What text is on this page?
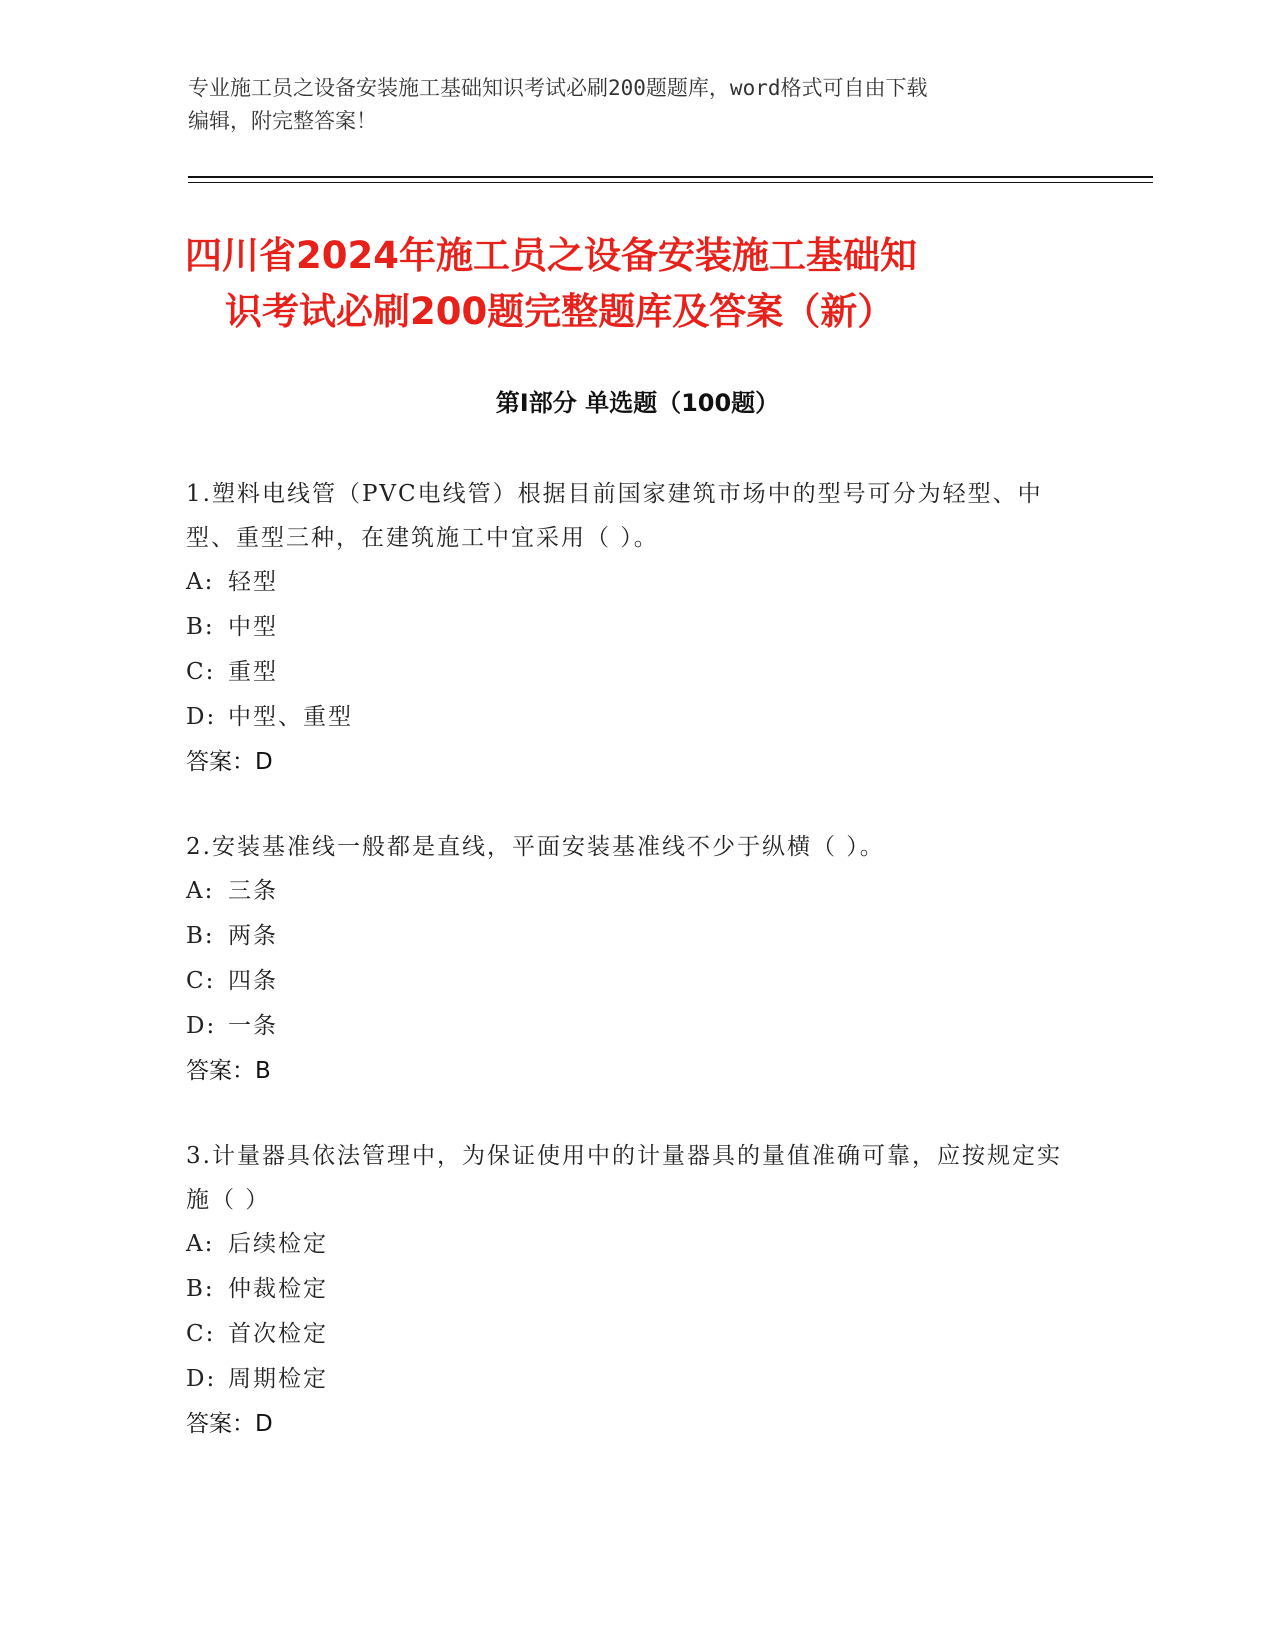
专业施工员之设备安装施工基础知识考试必刷200题题库，word格式可自由下载
编辑，附完整答案！
四川省2024年施工员之设备安装施工基础知
识考试必刷200题完整题库及答案（新）
第Ⅰ部分 单选题（100题）

1.塑料电线管（PVC电线管）根据目前国家建筑市场中的型号可分为轻型、中型、重型三种，在建筑施工中宜采用（ ）。

A: 轻型
B: 中型
C: 重型
D: 中型、重型
答案：D

2.安装基准线一般都是直线，平面安装基准线不少于纵横（ ）。

A: 三条
B: 两条
C: 四条
D: 一条
答案：B

3.计量器具依法管理中，为保证使用中的计量器具的量值准确可靠，应按规定实施（ ）

A: 后续检定
B: 仲裁检定
C: 首次检定
D: 周期检定
答案：D
